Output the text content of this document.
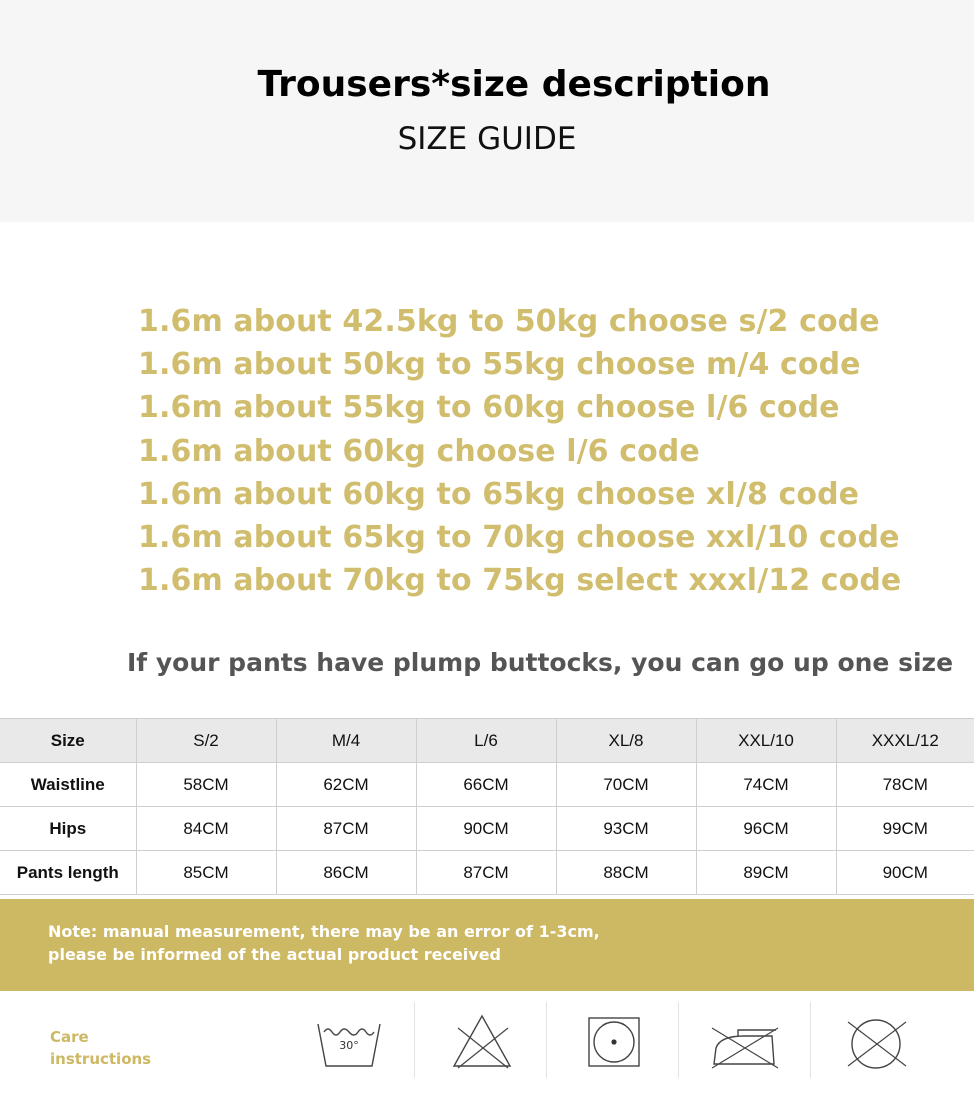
Trousers*size description
SIZE GUIDE
1.6m about 42.5kg to 50kg choose s/2 code
1.6m about 50kg to 55kg choose m/4 code
1.6m about 55kg to 60kg choose l/6 code
1.6m about 60kg choose l/6 code
1.6m about 60kg to 65kg choose xl/8 code
1.6m about 65kg to 70kg choose xxl/10 code
1.6m about 70kg to 75kg select xxxl/12 code
If your pants have plump buttocks, you can go up one size
Size	S/2	M/4	L/6	XL/8	XXL/10	XXXL/12
Waistline	58CM	62CM	66CM	70CM	74CM	78CM
Hips	84CM	87CM	90CM	93CM	96CM	99CM
Pants length	85CM	86CM	87CM	88CM	89CM	90CM
Note: manual measurement, there may be an error of 1-3cm,
please be informed of the actual product received
Care
instructions
30°
